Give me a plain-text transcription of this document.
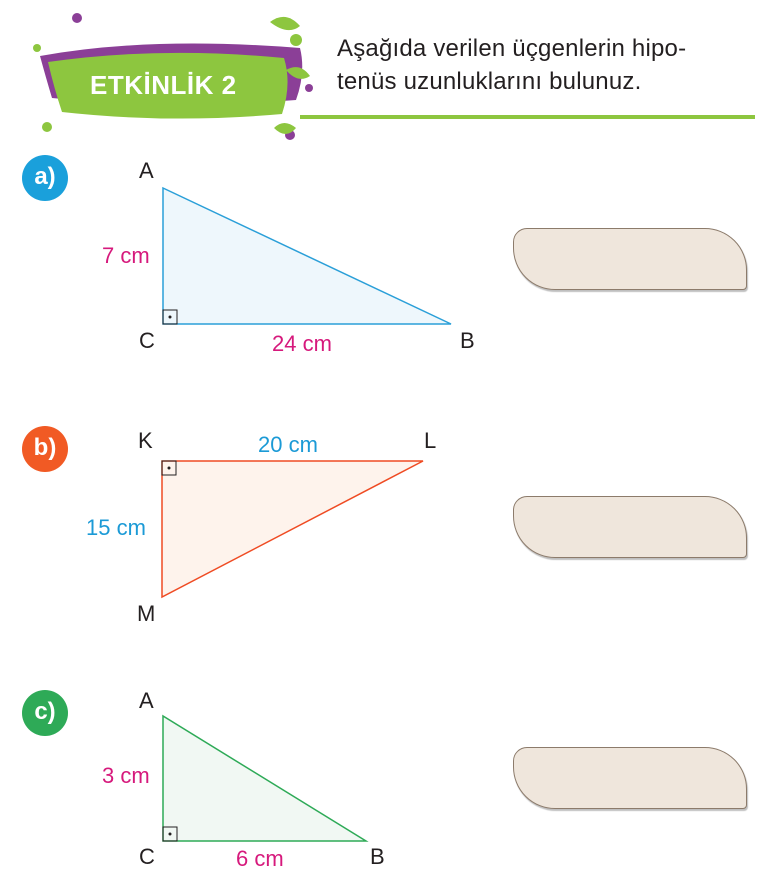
ETKİNLİK 2
Aşağıda verilen üçgenlerin hipo-
tenüs uzunluklarını bulunuz.
a)	A
C	B
7 cm
24 cm
b)	K	L
M
20 cm
15 cm
c)	A
C	B
3 cm
6 cm
